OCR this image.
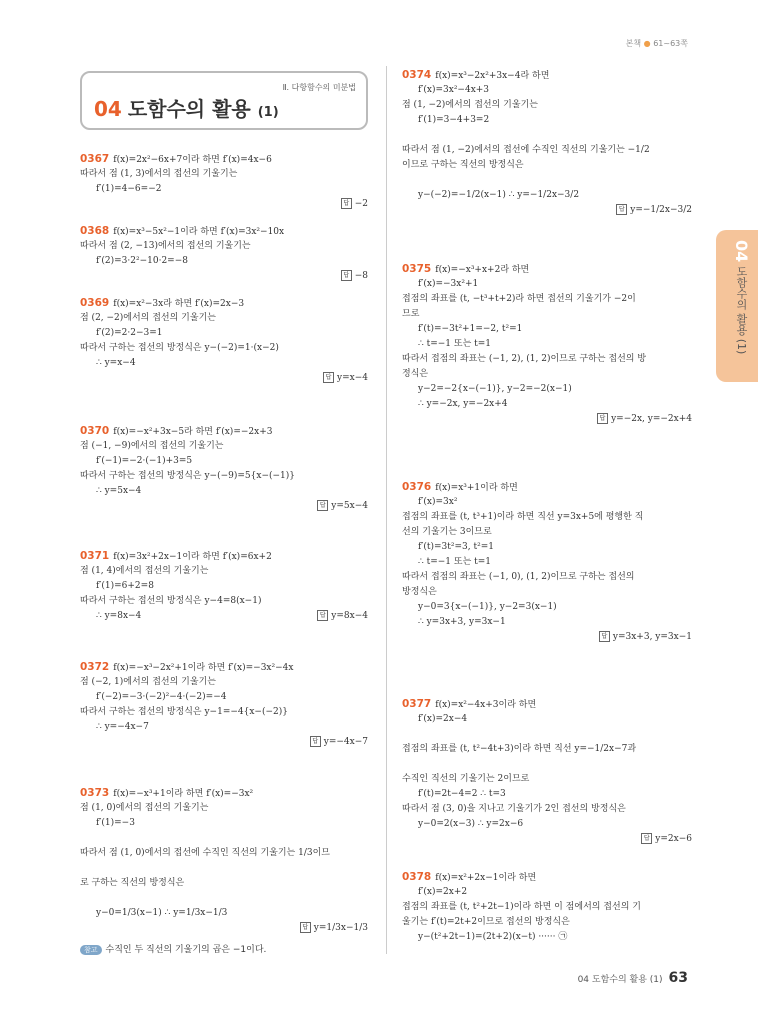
본책 ● 61~63쪽
Ⅱ. 다항함수의 미분법
04 도함수의 활용 (1)
0367 f(x)=2x²−6x+7이라 하면 f′(x)=4x−6
따라서 점 (1, 3)에서의 접선의 기울기는
f′(1)=4−6=−2
답 −2
0368 f(x)=x³−5x²−1이라 하면 f′(x)=3x²−10x
따라서 점 (2, −13)에서의 접선의 기울기는
f′(2)=3·2²−10·2=−8
답 −8
0369 f(x)=x²−3x라 하면 f′(x)=2x−3
점 (2, −2)에서의 접선의 기울기는
f′(2)=2·2−3=1
따라서 구하는 접선의 방정식은 y−(−2)=1·(x−2)
∴ y=x−4
답 y=x−4
0370 f(x)=−x²+3x−5라 하면 f′(x)=−2x+3
점 (−1, −9)에서의 접선의 기울기는
f′(−1)=−2·(−1)+3=5
따라서 구하는 접선의 방정식은 y−(−9)=5{x−(−1)}
∴ y=5x−4
답 y=5x−4
0371 f(x)=3x²+2x−1이라 하면 f′(x)=6x+2
점 (1, 4)에서의 접선의 기울기는
f′(1)=6+2=8
따라서 구하는 접선의 방정식은 y−4=8(x−1)
∴ y=8x−4	답 y=8x−4
0372 f(x)=−x³−2x²+1이라 하면 f′(x)=−3x²−4x
점 (−2, 1)에서의 접선의 기울기는
f′(−2)=−3·(−2)²−4·(−2)=−4
따라서 구하는 접선의 방정식은 y−1=−4{x−(−2)}
∴ y=−4x−7
답 y=−4x−7
0373 f(x)=−x³+1이라 하면 f′(x)=−3x²
점 (1, 0)에서의 접선의 기울기는
f′(1)=−3
따라서 점 (1, 0)에서의 접선에 수직인 직선의 기울기는 1/3이므
로 구하는 직선의 방정식은
y−0=1/3(x−1) ∴ y=1/3x−1/3
답 y=1/3x−1/3
0374 f(x)=x³−2x²+3x−4라 하면
f′(x)=3x²−4x+3
점 (1, −2)에서의 접선의 기울기는
f′(1)=3−4+3=2
따라서 점 (1, −2)에서의 접선에 수직인 직선의 기울기는 −1/2
이므로 구하는 직선의 방정식은
y−(−2)=−1/2(x−1) ∴ y=−1/2x−3/2
답 y=−1/2x−3/2
0375 f(x)=−x³+x+2라 하면
f′(x)=−3x²+1
접점의 좌표를 (t, −t³+t+2)라 하면 접선의 기울기가 −2이
므로
f′(t)=−3t²+1=−2, t²=1
∴ t=−1 또는 t=1
따라서 접점의 좌표는 (−1, 2), (1, 2)이므로 구하는 접선의 방
정식은
y−2=−2{x−(−1)}, y−2=−2(x−1)
∴ y=−2x, y=−2x+4
답 y=−2x, y=−2x+4
0376 f(x)=x³+1이라 하면
f′(x)=3x²
접점의 좌표를 (t, t³+1)이라 하면 직선 y=3x+5에 평행한 직
선의 기울기는 3이므로
f′(t)=3t²=3, t²=1
∴ t=−1 또는 t=1
따라서 접점의 좌표는 (−1, 0), (1, 2)이므로 구하는 접선의
방정식은
y−0=3{x−(−1)}, y−2=3(x−1)
∴ y=3x+3, y=3x−1
답 y=3x+3, y=3x−1
0377 f(x)=x²−4x+3이라 하면
f′(x)=2x−4
접점의 좌표를 (t, t²−4t+3)이라 하면 직선 y=−1/2x−7과
수직인 직선의 기울기는 2이므로
f′(t)=2t−4=2 ∴ t=3
따라서 점 (3, 0)을 지나고 기울기가 2인 접선의 방정식은
y−0=2(x−3) ∴ y=2x−6
답 y=2x−6
0378 f(x)=x²+2x−1이라 하면
f′(x)=2x+2
접점의 좌표를 (t, t²+2t−1)이라 하면 이 점에서의 접선의 기
울기는 f′(t)=2t+2이므로 접선의 방정식은
y−(t²+2t−1)=(2t+2)(x−t) ······ ㉠
참고 수직인 두 직선의 기울기의 곱은 −1이다.
04 도함수의 활용 (1)
04 도함수의 활용 (1) 63
